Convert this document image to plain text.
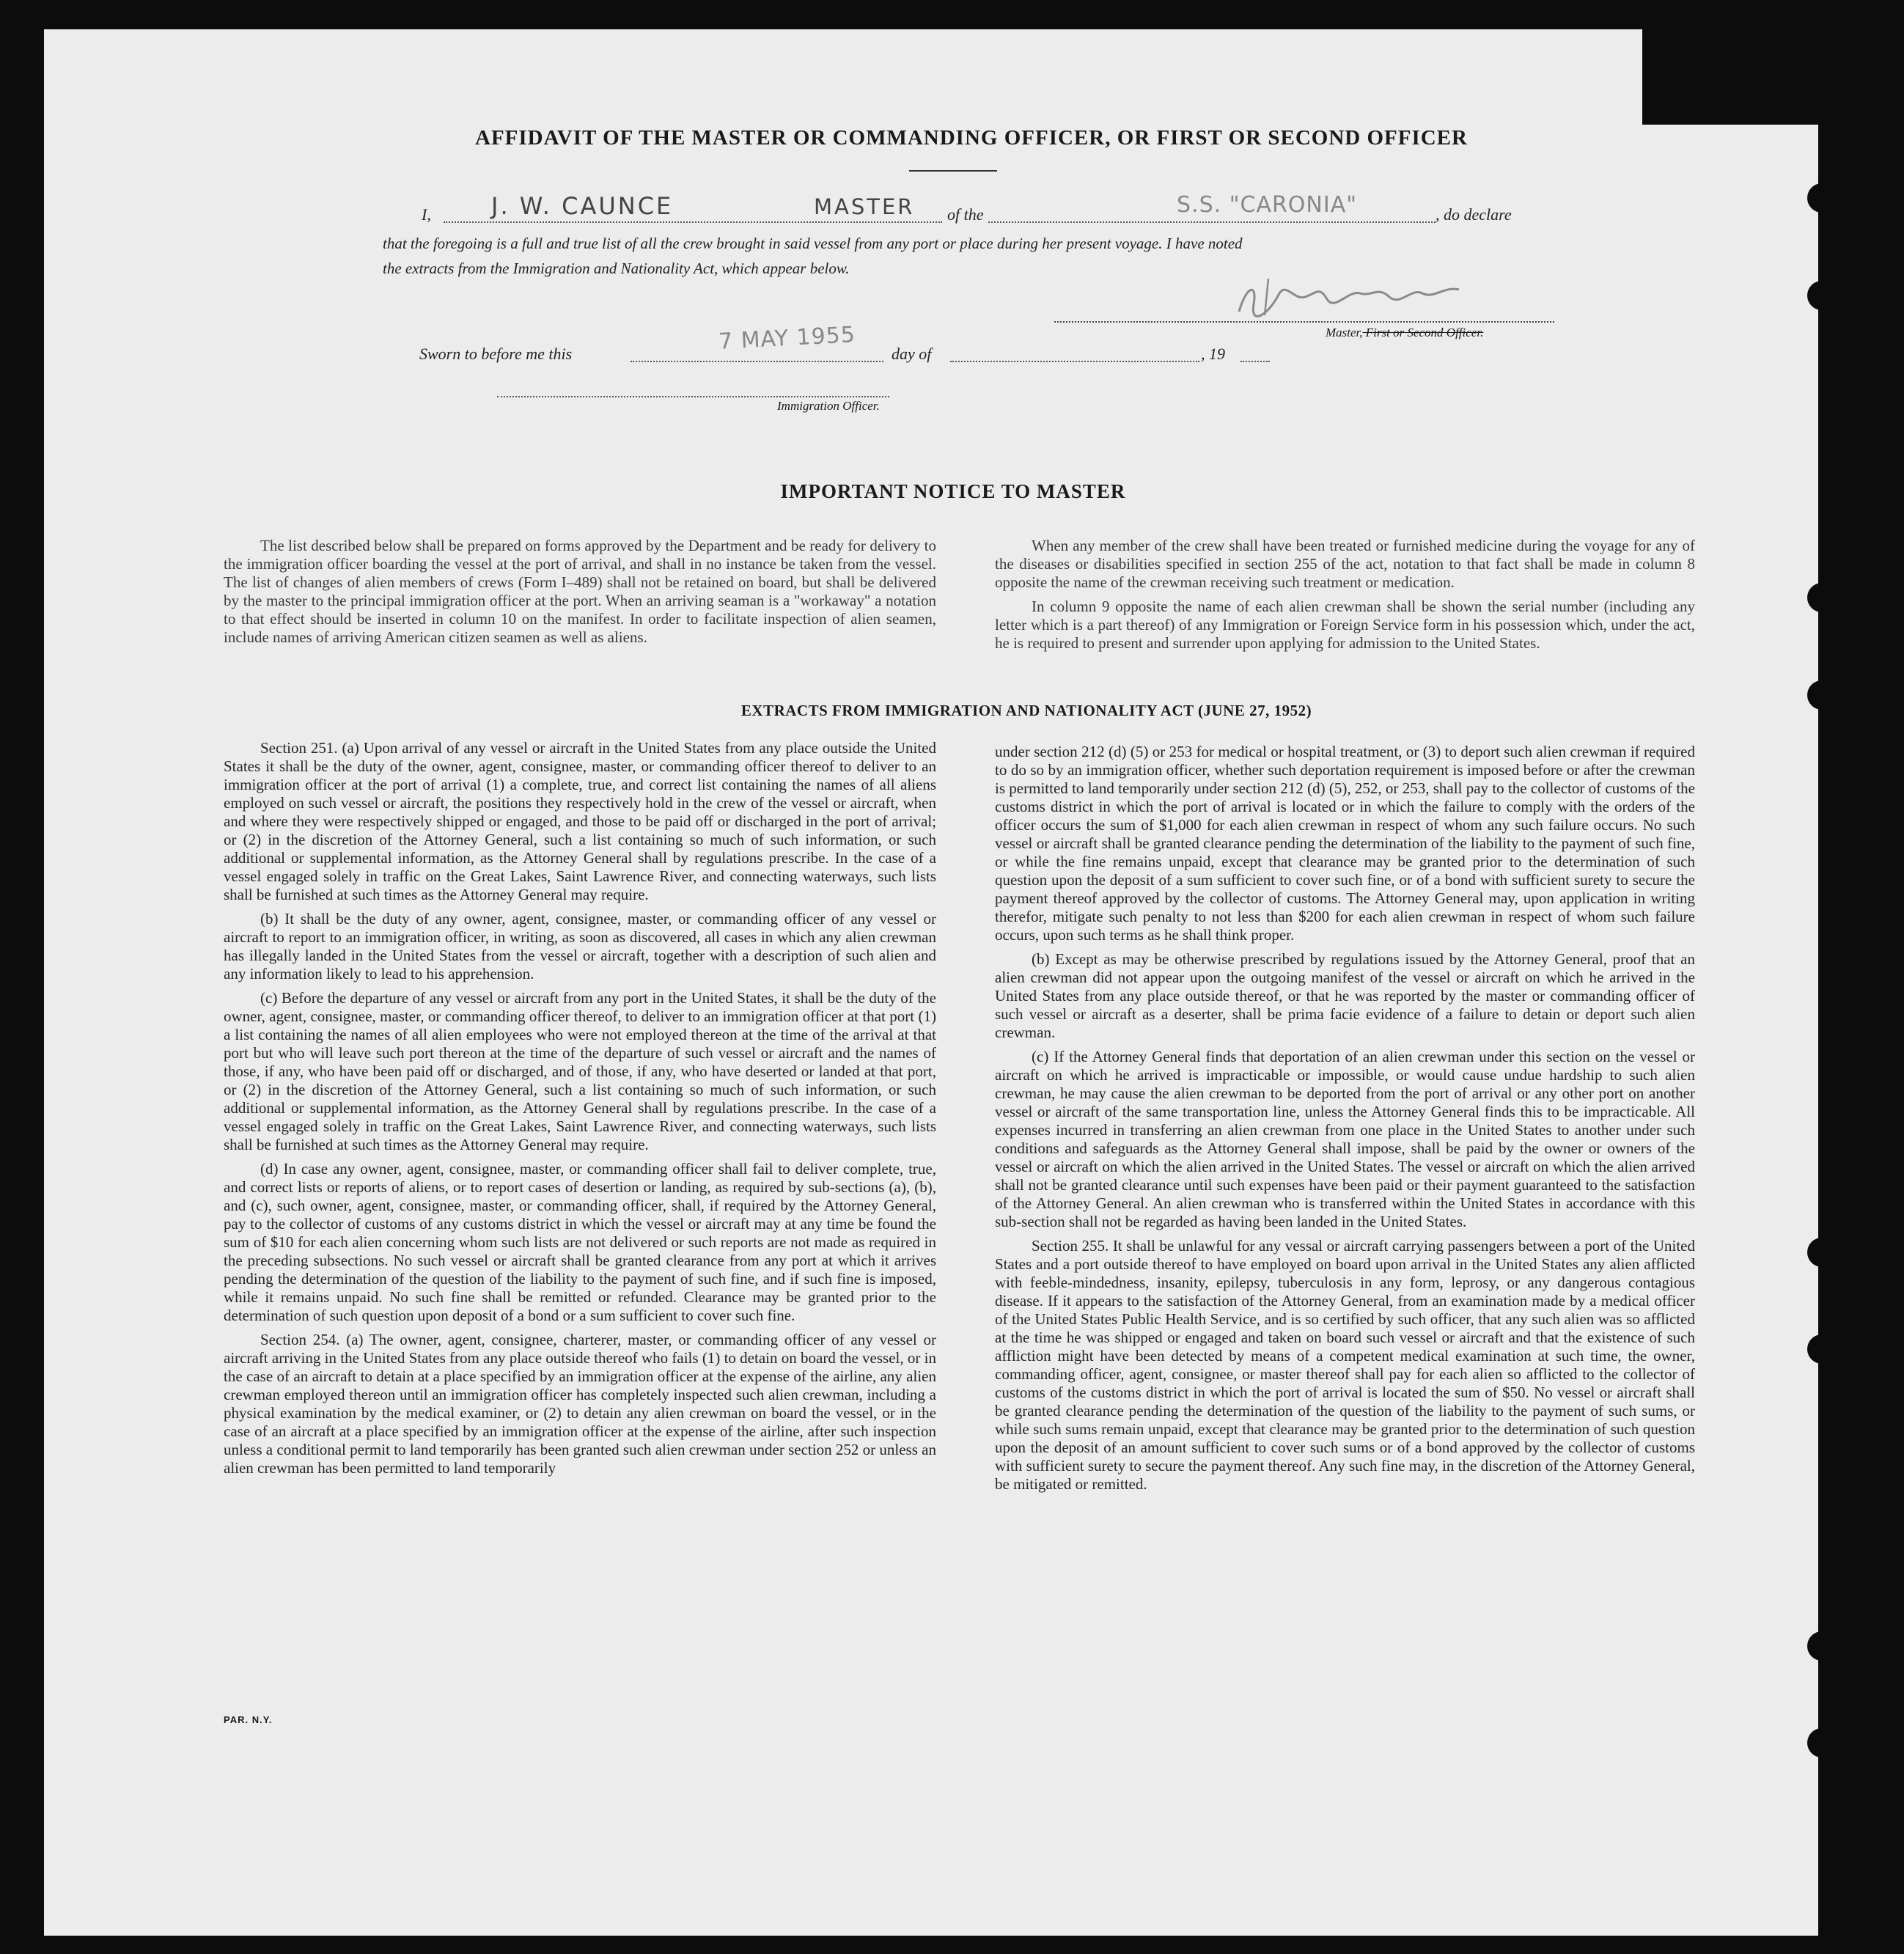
AFFIDAVIT OF THE MASTER OR COMMANDING OFFICER, OR FIRST OR SECOND OFFICER
I,	J. W. CAUNCE	MASTER of the	S.S. "CARONIA"	, do declare
that the foregoing is a full and true list of all the crew brought in said vessel from any port or place during her present voyage. I have noted
the extracts from the Immigration and Nationality Act, which appear below.
Master, First or Second Officer.
Sworn to before me this	7 MAY 1955 day of	, 19
Immigration Officer.
IMPORTANT NOTICE TO MASTER

The list described below shall be prepared on forms approved by the Department and be ready for delivery to the immigration officer boarding the vessel at the port of arrival, and shall in no instance be taken from the vessel. The list of changes of alien members of crews (Form I–489) shall not be retained on board, but shall be delivered by the master to the principal immigration officer at the port. When an arriving seaman is a "workaway" a notation to that effect should be inserted in column 10 on the manifest. In order to facilitate inspection of alien seamen, include names of arriving American citizen seamen as well as aliens.

When any member of the crew shall have been treated or furnished medicine during the voyage for any of the diseases or disabilities specified in section 255 of the act, notation to that fact shall be made in column 8 opposite the name of the crewman receiving such treatment or medication.

In column 9 opposite the name of each alien crewman shall be shown the serial number (including any letter which is a part thereof) of any Immigration or Foreign Service form in his possession which, under the act, he is required to present and surrender upon applying for admission to the United States.

EXTRACTS FROM IMMIGRATION AND NATIONALITY ACT (JUNE 27, 1952)

Section 251. (a) Upon arrival of any vessel or aircraft in the United States from any place outside the United States it shall be the duty of the owner, agent, consignee, master, or commanding officer thereof to deliver to an immigration officer at the port of arrival (1) a complete, true, and correct list containing the names of all aliens employed on such vessel or aircraft, the positions they respectively hold in the crew of the vessel or aircraft, when and where they were respectively shipped or engaged, and those to be paid off or discharged in the port of arrival; or (2) in the discretion of the Attorney General, such a list containing so much of such information, or such additional or supplemental information, as the Attorney General shall by regulations prescribe. In the case of a vessel engaged solely in traffic on the Great Lakes, Saint Lawrence River, and connecting waterways, such lists shall be furnished at such times as the Attorney General may require.

(b) It shall be the duty of any owner, agent, consignee, master, or commanding officer of any vessel or aircraft to report to an immigration officer, in writing, as soon as discovered, all cases in which any alien crewman has illegally landed in the United States from the vessel or aircraft, together with a description of such alien and any information likely to lead to his apprehension.

(c) Before the departure of any vessel or aircraft from any port in the United States, it shall be the duty of the owner, agent, consignee, master, or commanding officer thereof, to deliver to an immigration officer at that port (1) a list containing the names of all alien employees who were not employed thereon at the time of the arrival at that port but who will leave such port thereon at the time of the departure of such vessel or aircraft and the names of those, if any, who have been paid off or discharged, and of those, if any, who have deserted or landed at that port, or (2) in the discretion of the Attorney General, such a list containing so much of such information, or such additional or supplemental information, as the Attorney General shall by regulations prescribe. In the case of a vessel engaged solely in traffic on the Great Lakes, Saint Lawrence River, and connecting waterways, such lists shall be furnished at such times as the Attorney General may require.

(d) In case any owner, agent, consignee, master, or commanding officer shall fail to deliver complete, true, and correct lists or reports of aliens, or to report cases of desertion or landing, as required by sub-sections (a), (b), and (c), such owner, agent, consignee, master, or commanding officer, shall, if required by the Attorney General, pay to the collector of customs of any customs district in which the vessel or aircraft may at any time be found the sum of $10 for each alien concerning whom such lists are not delivered or such reports are not made as required in the preceding subsections. No such vessel or aircraft shall be granted clearance from any port at which it arrives pending the determination of the question of the liability to the payment of such fine, and if such fine is imposed, while it remains unpaid. No such fine shall be remitted or refunded. Clearance may be granted prior to the determination of such question upon deposit of a bond or a sum sufficient to cover such fine.

Section 254. (a) The owner, agent, consignee, charterer, master, or commanding officer of any vessel or aircraft arriving in the United States from any place outside thereof who fails (1) to detain on board the vessel, or in the case of an aircraft to detain at a place specified by an immigration officer at the expense of the airline, any alien crewman employed thereon until an immigration officer has completely inspected such alien crewman, including a physical examination by the medical examiner, or (2) to detain any alien crewman on board the vessel, or in the case of an aircraft at a place specified by an immigration officer at the expense of the airline, after such inspection unless a conditional permit to land temporarily has been granted such alien crewman under section 252 or unless an alien crewman has been permitted to land temporarily

under section 212 (d) (5) or 253 for medical or hospital treatment, or (3) to deport such alien crewman if required to do so by an immigration officer, whether such deportation requirement is imposed before or after the crewman is permitted to land temporarily under section 212 (d) (5), 252, or 253, shall pay to the collector of customs of the customs district in which the port of arrival is located or in which the failure to comply with the orders of the officer occurs the sum of $1,000 for each alien crewman in respect of whom any such failure occurs. No such vessel or aircraft shall be granted clearance pending the determination of the liability to the payment of such fine, or while the fine remains unpaid, except that clearance may be granted prior to the determination of such question upon the deposit of a sum sufficient to cover such fine, or of a bond with sufficient surety to secure the payment thereof approved by the collector of customs. The Attorney General may, upon application in writing therefor, mitigate such penalty to not less than $200 for each alien crewman in respect of whom such failure occurs, upon such terms as he shall think proper.

(b) Except as may be otherwise prescribed by regulations issued by the Attorney General, proof that an alien crewman did not appear upon the outgoing manifest of the vessel or aircraft on which he arrived in the United States from any place outside thereof, or that he was reported by the master or commanding officer of such vessel or aircraft as a deserter, shall be prima facie evidence of a failure to detain or deport such alien crewman.

(c) If the Attorney General finds that deportation of an alien crewman under this section on the vessel or aircraft on which he arrived is impracticable or impossible, or would cause undue hardship to such alien crewman, he may cause the alien crewman to be deported from the port of arrival or any other port on another vessel or aircraft of the same transportation line, unless the Attorney General finds this to be impracticable. All expenses incurred in transferring an alien crewman from one place in the United States to another under such conditions and safeguards as the Attorney General shall impose, shall be paid by the owner or owners of the vessel or aircraft on which the alien arrived in the United States. The vessel or aircraft on which the alien arrived shall not be granted clearance until such expenses have been paid or their payment guaranteed to the satisfaction of the Attorney General. An alien crewman who is transferred within the United States in accordance with this sub-section shall not be regarded as having been landed in the United States.

Section 255. It shall be unlawful for any vessal or aircraft carrying passengers between a port of the United States and a port outside thereof to have employed on board upon arrival in the United States any alien afflicted with feeble-mindedness, insanity, epilepsy, tuberculosis in any form, leprosy, or any dangerous contagious disease. If it appears to the satisfaction of the Attorney General, from an examination made by a medical officer of the United States Public Health Service, and is so certified by such officer, that any such alien was so afflicted at the time he was shipped or engaged and taken on board such vessel or aircraft and that the existence of such affliction might have been detected by means of a competent medical examination at such time, the owner, commanding officer, agent, consignee, or master thereof shall pay for each alien so afflicted to the collector of customs of the customs district in which the port of arrival is located the sum of $50. No vessel or aircraft shall be granted clearance pending the determination of the question of the liability to the payment of such sums, or while such sums remain unpaid, except that clearance may be granted prior to the determination of such question upon the deposit of an amount sufficient to cover such sums or of a bond approved by the collector of customs with sufficient surety to secure the payment thereof. Any such fine may, in the discretion of the Attorney General, be mitigated or remitted.

PAR. N.Y.
